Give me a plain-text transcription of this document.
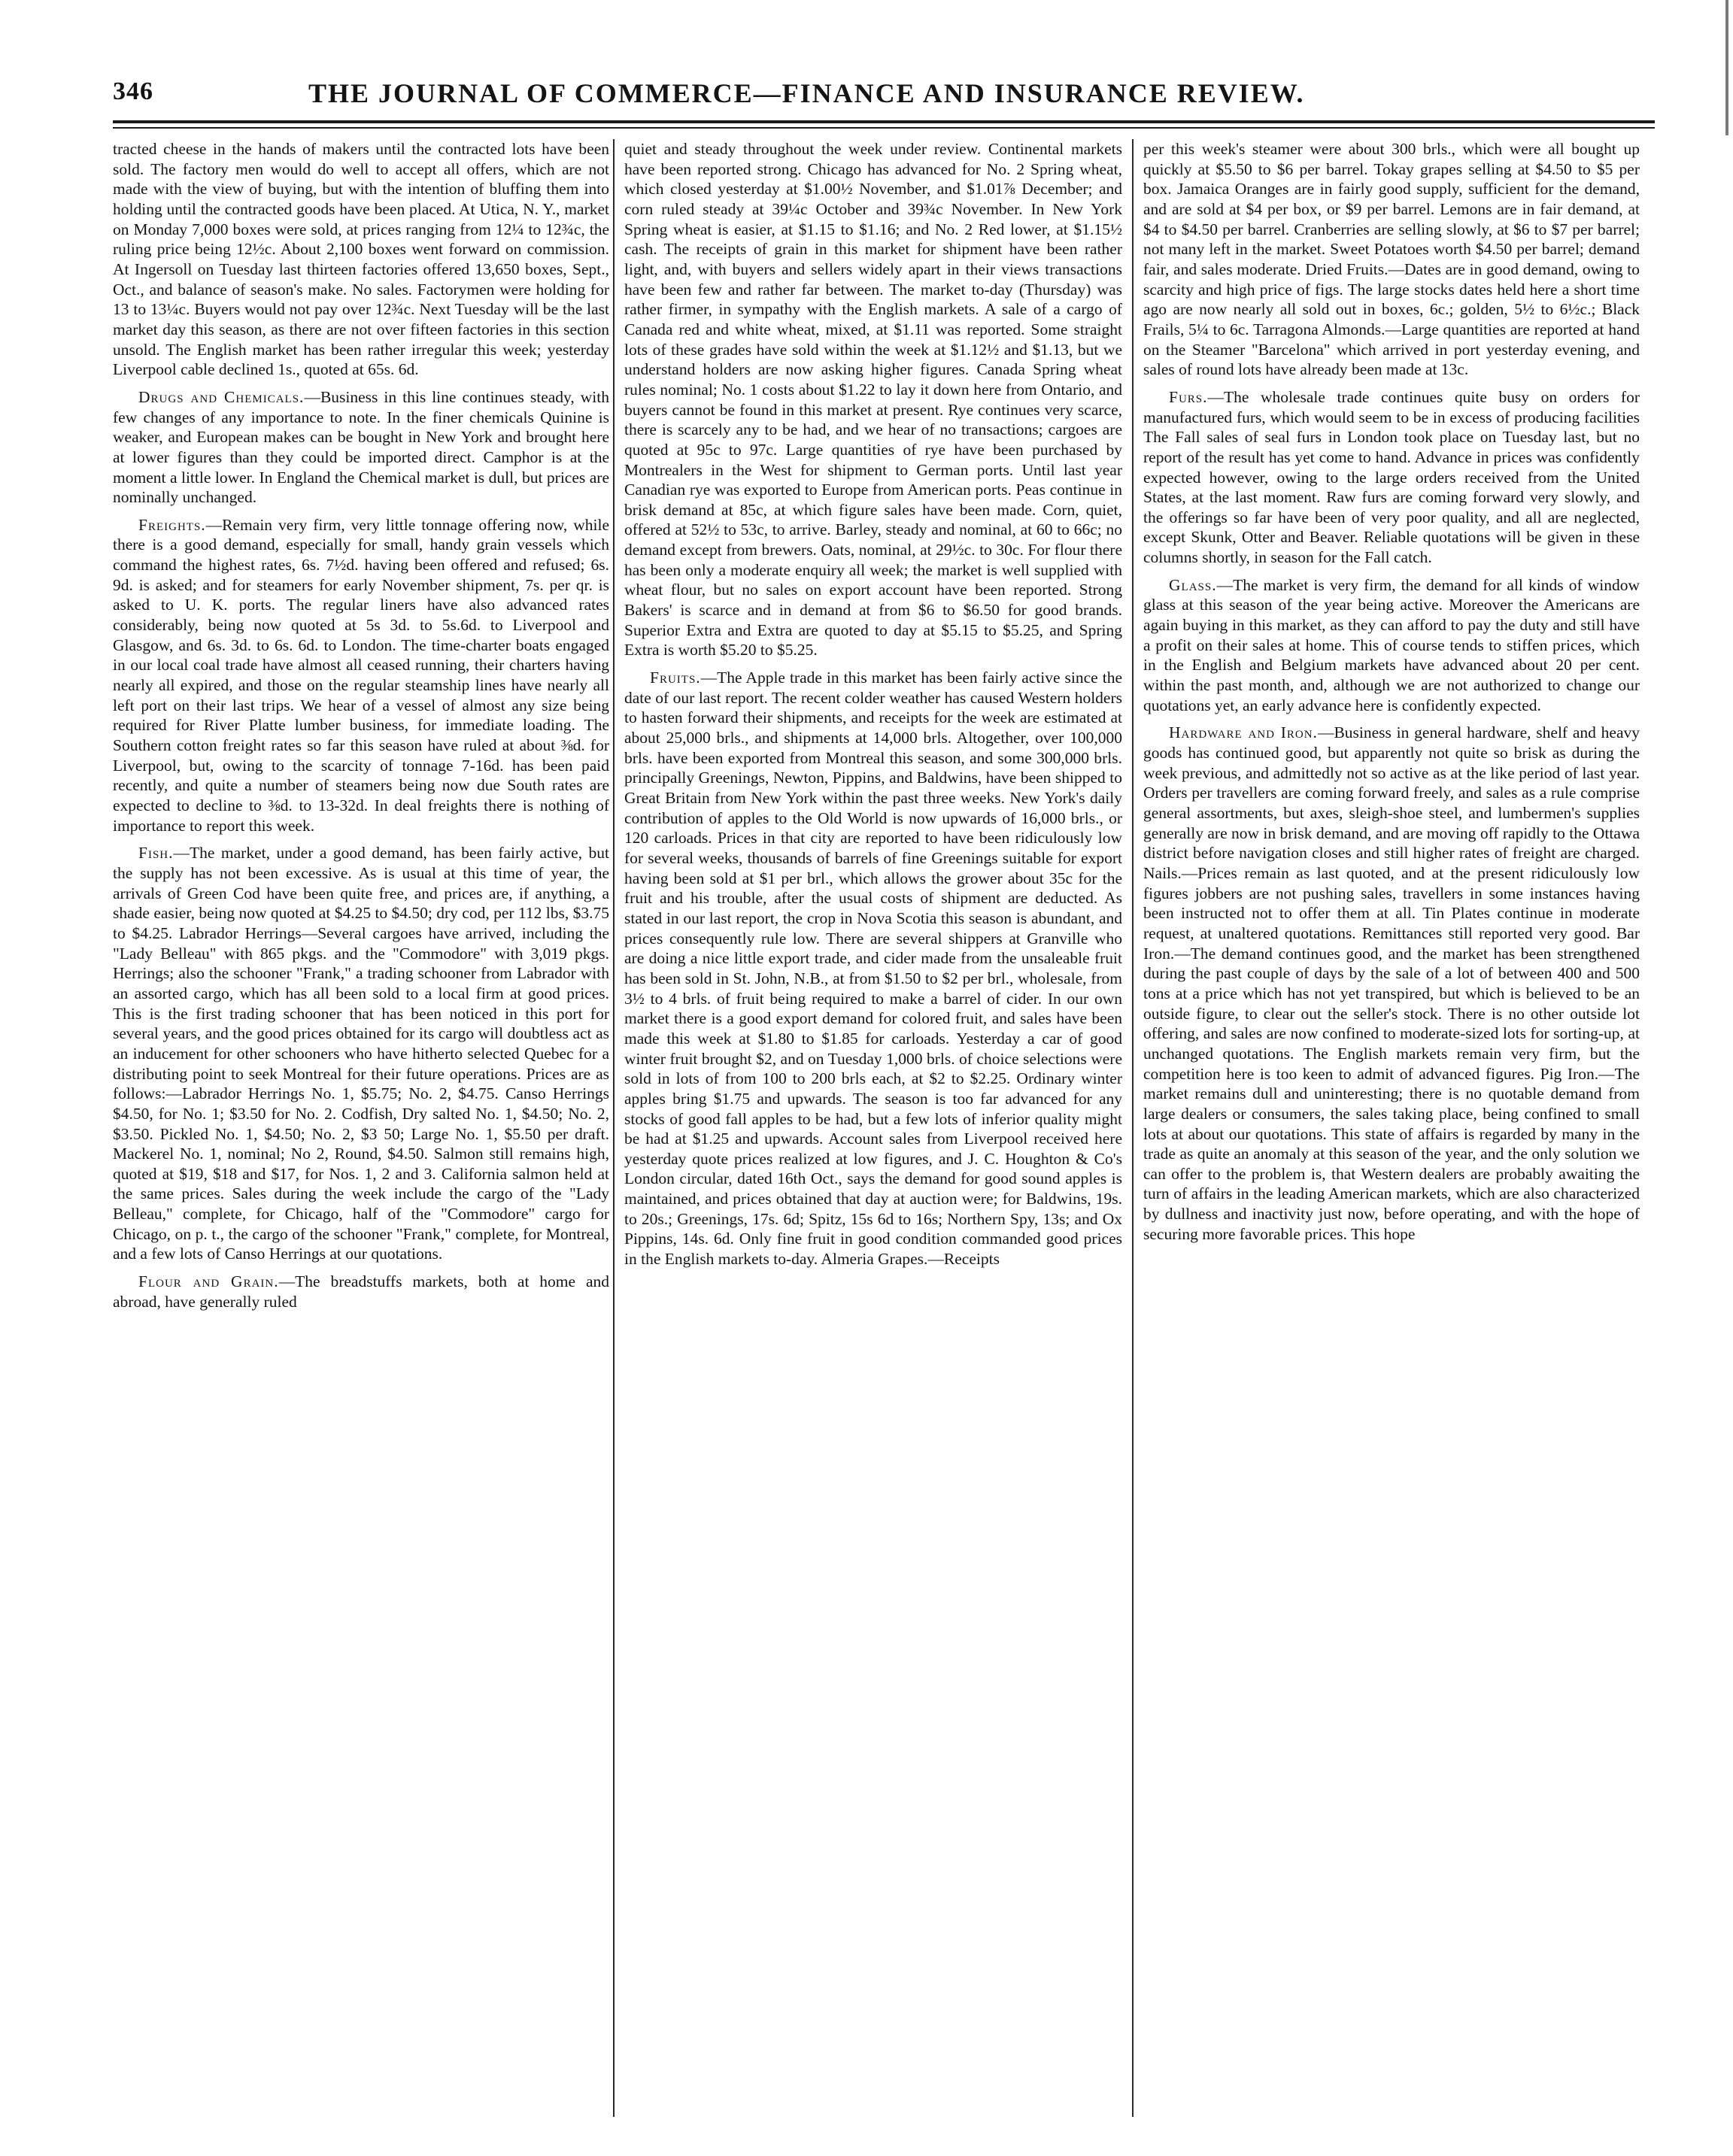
346	THE JOURNAL OF COMMERCE—FINANCE AND INSURANCE REVIEW.

tracted cheese in the hands of makers until the contracted lots have been sold. The factory men would do well to accept all offers, which are not made with the view of buying, but with the intention of bluffing them into holding until the contracted goods have been placed. At Utica, N. Y., market on Monday 7,000 boxes were sold, at prices ranging from 12¼ to 12¾c, the ruling price being 12½c. About 2,100 boxes went forward on commission. At Ingersoll on Tuesday last thirteen factories offered 13,650 boxes, Sept., Oct., and balance of season's make. No sales. Factorymen were holding for 13 to 13¼c. Buyers would not pay over 12¾c. Next Tuesday will be the last market day this season, as there are not over fifteen factories in this section unsold. The English market has been rather irregular this week; yesterday Liverpool cable declined 1s., quoted at 65s. 6d.

Drugs and Chemicals.—Business in this line continues steady, with few changes of any importance to note. In the finer chemicals Quinine is weaker, and European makes can be bought in New York and brought here at lower figures than they could be imported direct. Camphor is at the moment a little lower. In England the Chemical market is dull, but prices are nominally unchanged.

Freights.—Remain very firm, very little tonnage offering now, while there is a good demand, especially for small, handy grain vessels which command the highest rates, 6s. 7½d. having been offered and refused; 6s. 9d. is asked; and for steamers for early November shipment, 7s. per qr. is asked to U. K. ports. The regular liners have also advanced rates considerably, being now quoted at 5s 3d. to 5s.6d. to Liverpool and Glasgow, and 6s. 3d. to 6s. 6d. to London. The time-charter boats engaged in our local coal trade have almost all ceased running, their charters having nearly all expired, and those on the regular steamship lines have nearly all left port on their last trips. We hear of a vessel of almost any size being required for River Platte lumber business, for immediate loading. The Southern cotton freight rates so far this season have ruled at about ⅜d. for Liverpool, but, owing to the scarcity of tonnage 7-16d. has been paid recently, and quite a number of steamers being now due South rates are expected to decline to ⅜d. to 13-32d. In deal freights there is nothing of importance to report this week.

Fish.—The market, under a good demand, has been fairly active, but the supply has not been excessive. As is usual at this time of year, the arrivals of Green Cod have been quite free, and prices are, if anything, a shade easier, being now quoted at $4.25 to $4.50; dry cod, per 112 lbs, $3.75 to $4.25. Labrador Herrings—Several cargoes have arrived, including the "Lady Belleau" with 865 pkgs. and the "Commodore" with 3,019 pkgs. Herrings; also the schooner "Frank," a trading schooner from Labrador with an assorted cargo, which has all been sold to a local firm at good prices. This is the first trading schooner that has been noticed in this port for several years, and the good prices obtained for its cargo will doubtless act as an inducement for other schooners who have hitherto selected Quebec for a distributing point to seek Montreal for their future operations. Prices are as follows:—Labrador Herrings No. 1, $5.75; No. 2, $4.75. Canso Herrings $4.50, for No. 1; $3.50 for No. 2. Codfish, Dry salted No. 1, $4.50; No. 2, $3.50. Pickled No. 1, $4.50; No. 2, $3 50; Large No. 1, $5.50 per draft. Mackerel No. 1, nominal; No 2, Round, $4.50. Salmon still remains high, quoted at $19, $18 and $17, for Nos. 1, 2 and 3. California salmon held at the same prices. Sales during the week include the cargo of the "Lady Belleau," complete, for Chicago, half of the "Commodore" cargo for Chicago, on p. t., the cargo of the schooner "Frank," complete, for Montreal, and a few lots of Canso Herrings at our quotations.

Flour and Grain.—The breadstuffs markets, both at home and abroad, have generally ruled

quiet and steady throughout the week under review. Continental markets have been reported strong. Chicago has advanced for No. 2 Spring wheat, which closed yesterday at $1.00½ November, and $1.01⅞ December; and corn ruled steady at 39¼c October and 39¾c November. In New York Spring wheat is easier, at $1.15 to $1.16; and No. 2 Red lower, at $1.15½ cash. The receipts of grain in this market for shipment have been rather light, and, with buyers and sellers widely apart in their views transactions have been few and rather far between. The market to-day (Thursday) was rather firmer, in sympathy with the English markets. A sale of a cargo of Canada red and white wheat, mixed, at $1.11 was reported. Some straight lots of these grades have sold within the week at $1.12½ and $1.13, but we understand holders are now asking higher figures. Canada Spring wheat rules nominal; No. 1 costs about $1.22 to lay it down here from Ontario, and buyers cannot be found in this market at present. Rye continues very scarce, there is scarcely any to be had, and we hear of no transactions; cargoes are quoted at 95c to 97c. Large quantities of rye have been purchased by Montrealers in the West for shipment to German ports. Until last year Canadian rye was exported to Europe from American ports. Peas continue in brisk demand at 85c, at which figure sales have been made. Corn, quiet, offered at 52½ to 53c, to arrive. Barley, steady and nominal, at 60 to 66c; no demand except from brewers. Oats, nominal, at 29½c. to 30c. For flour there has been only a moderate enquiry all week; the market is well supplied with wheat flour, but no sales on export account have been reported. Strong Bakers' is scarce and in demand at from $6 to $6.50 for good brands. Superior Extra and Extra are quoted to day at $5.15 to $5.25, and Spring Extra is worth $5.20 to $5.25.

Fruits.—The Apple trade in this market has been fairly active since the date of our last report. The recent colder weather has caused Western holders to hasten forward their shipments, and receipts for the week are estimated at about 25,000 brls., and shipments at 14,000 brls. Altogether, over 100,000 brls. have been exported from Montreal this season, and some 300,000 brls. principally Greenings, Newton, Pippins, and Baldwins, have been shipped to Great Britain from New York within the past three weeks. New York's daily contribution of apples to the Old World is now upwards of 16,000 brls., or 120 carloads. Prices in that city are reported to have been ridiculously low for several weeks, thousands of barrels of fine Greenings suitable for export having been sold at $1 per brl., which allows the grower about 35c for the fruit and his trouble, after the usual costs of shipment are deducted. As stated in our last report, the crop in Nova Scotia this season is abundant, and prices consequently rule low. There are several shippers at Granville who are doing a nice little export trade, and cider made from the unsaleable fruit has been sold in St. John, N.B., at from $1.50 to $2 per brl., wholesale, from 3½ to 4 brls. of fruit being required to make a barrel of cider. In our own market there is a good export demand for colored fruit, and sales have been made this week at $1.80 to $1.85 for carloads. Yesterday a car of good winter fruit brought $2, and on Tuesday 1,000 brls. of choice selections were sold in lots of from 100 to 200 brls each, at $2 to $2.25. Ordinary winter apples bring $1.75 and upwards. The season is too far advanced for any stocks of good fall apples to be had, but a few lots of inferior quality might be had at $1.25 and upwards. Account sales from Liverpool received here yesterday quote prices realized at low figures, and J. C. Houghton & Co's London circular, dated 16th Oct., says the demand for good sound apples is maintained, and prices obtained that day at auction were; for Baldwins, 19s. to 20s.; Greenings, 17s. 6d; Spitz, 15s 6d to 16s; Northern Spy, 13s; and Ox Pippins, 14s. 6d. Only fine fruit in good condition commanded good prices in the English markets to-day. Almeria Grapes.—Receipts

per this week's steamer were about 300 brls., which were all bought up quickly at $5.50 to $6 per barrel. Tokay grapes selling at $4.50 to $5 per box. Jamaica Oranges are in fairly good supply, sufficient for the demand, and are sold at $4 per box, or $9 per barrel. Lemons are in fair demand, at $4 to $4.50 per barrel. Cranberries are selling slowly, at $6 to $7 per barrel; not many left in the market. Sweet Potatoes worth $4.50 per barrel; demand fair, and sales moderate. Dried Fruits.—Dates are in good demand, owing to scarcity and high price of figs. The large stocks dates held here a short time ago are now nearly all sold out in boxes, 6c.; golden, 5½ to 6½c.; Black Frails, 5¼ to 6c. Tarragona Almonds.—Large quantities are reported at hand on the Steamer "Barcelona" which arrived in port yesterday evening, and sales of round lots have already been made at 13c.

Furs.—The wholesale trade continues quite busy on orders for manufactured furs, which would seem to be in excess of producing facilities The Fall sales of seal furs in London took place on Tuesday last, but no report of the result has yet come to hand. Advance in prices was confidently expected however, owing to the large orders received from the United States, at the last moment. Raw furs are coming forward very slowly, and the offerings so far have been of very poor quality, and all are neglected, except Skunk, Otter and Beaver. Reliable quotations will be given in these columns shortly, in season for the Fall catch.

Glass.—The market is very firm, the demand for all kinds of window glass at this season of the year being active. Moreover the Americans are again buying in this market, as they can afford to pay the duty and still have a profit on their sales at home. This of course tends to stiffen prices, which in the English and Belgium markets have advanced about 20 per cent. within the past month, and, although we are not authorized to change our quotations yet, an early advance here is confidently expected.

Hardware and Iron.—Business in general hardware, shelf and heavy goods has continued good, but apparently not quite so brisk as during the week previous, and admittedly not so active as at the like period of last year. Orders per travellers are coming forward freely, and sales as a rule comprise general assortments, but axes, sleigh-shoe steel, and lumbermen's supplies generally are now in brisk demand, and are moving off rapidly to the Ottawa district before navigation closes and still higher rates of freight are charged. Nails.—Prices remain as last quoted, and at the present ridiculously low figures jobbers are not pushing sales, travellers in some instances having been instructed not to offer them at all. Tin Plates continue in moderate request, at unaltered quotations. Remittances still reported very good. Bar Iron.—The demand continues good, and the market has been strengthened during the past couple of days by the sale of a lot of between 400 and 500 tons at a price which has not yet transpired, but which is believed to be an outside figure, to clear out the seller's stock. There is no other outside lot offering, and sales are now confined to moderate-sized lots for sorting-up, at unchanged quotations. The English markets remain very firm, but the competition here is too keen to admit of advanced figures. Pig Iron.—The market remains dull and uninteresting; there is no quotable demand from large dealers or consumers, the sales taking place, being confined to small lots at about our quotations. This state of affairs is regarded by many in the trade as quite an anomaly at this season of the year, and the only solution we can offer to the problem is, that Western dealers are probably awaiting the turn of affairs in the leading American markets, which are also characterized by dullness and inactivity just now, before operating, and with the hope of securing more favorable prices. This hope
